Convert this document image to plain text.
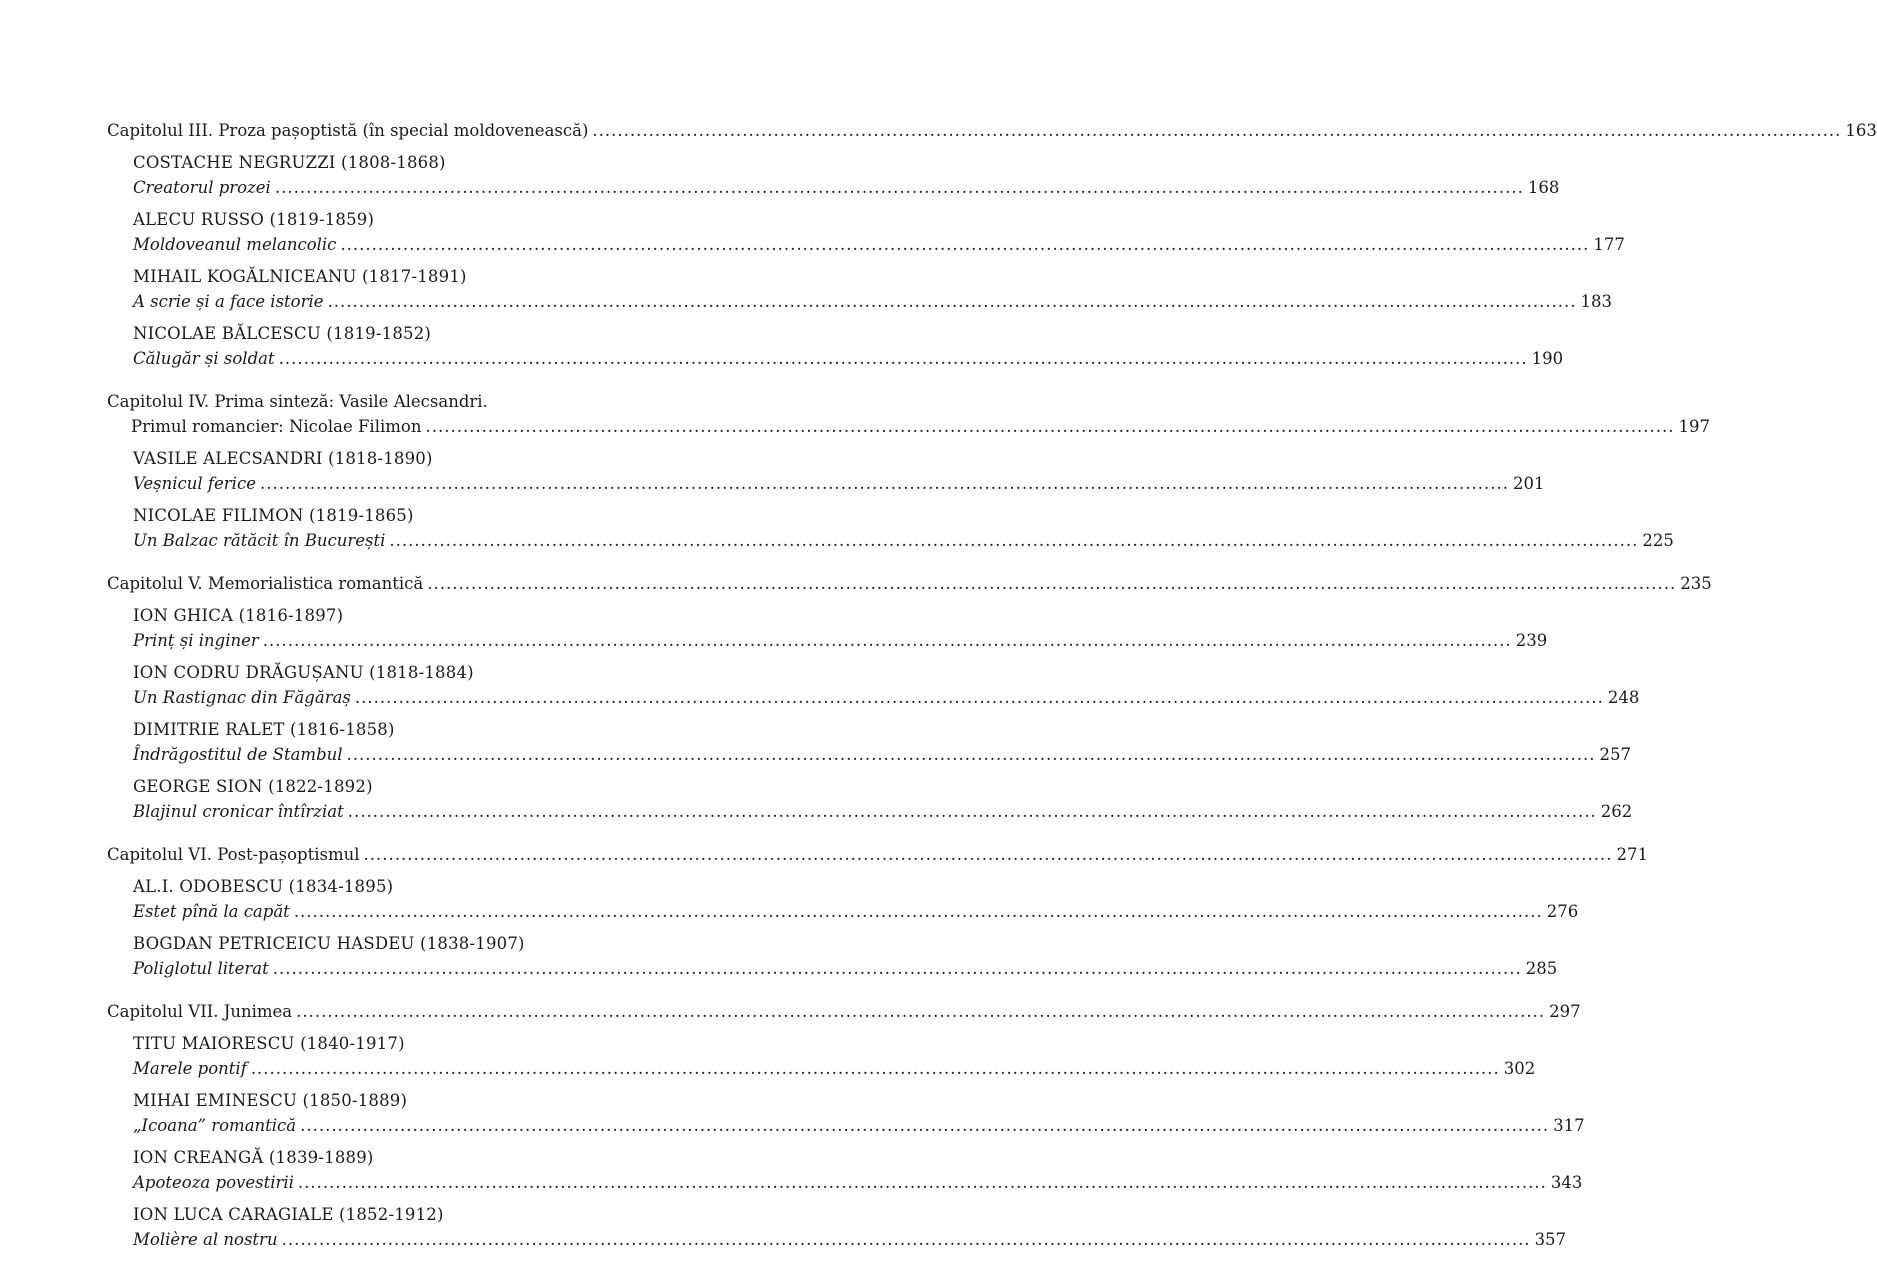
Capitolul III. Proza pașoptistă (în special moldovenească) .....	163
COSTACHE NEGRUZZI (1808-1868)
Creatorul prozei .....	168
ALECU RUSSO (1819-1859)
Moldoveanul melancolic .....	177
MIHAIL KOGĂLNICEANU (1817-1891)
A scrie și a face istorie .....	183
NICOLAE BĂLCESCU (1819-1852)
Călugăr și soldat .....	190
Capitolul IV. Prima sinteză: Vasile Alecsandri.
Primul romancier: Nicolae Filimon .....	197
VASILE ALECSANDRI (1818-1890)
Veșnicul ferice .....	201
NICOLAE FILIMON (1819-1865)
Un Balzac rătăcit în București .....	225
Capitolul V. Memorialistica romantică .....	235
ION GHICA (1816-1897)
Prinț și inginer .....	239
ION CODRU DRĂGUȘANU (1818-1884)
Un Rastignac din Făgăraș .....	248
DIMITRIE RALET (1816-1858)
Îndrăgostitul de Stambul .....	257
GEORGE SION (1822-1892)
Blajinul cronicar întîrziat .....	262
Capitolul VI. Post-pașoptismul .....	271
AL.I. ODOBESCU (1834-1895)
Estet pînă la capăt .....	276
BOGDAN PETRICEICU HASDEU (1838-1907)
Poliglotul literat .....	285
Capitolul VII. Junimea .....	297
TITU MAIORESCU (1840-1917)
Marele pontif .....	302
MIHAI EMINESCU (1850-1889)
„Icoana” romantică .....	317
ION CREANGĂ (1839-1889)
Apoteoza povestirii .....	343
ION LUCA CARAGIALE (1852-1912)
Molière al nostru .....	357
